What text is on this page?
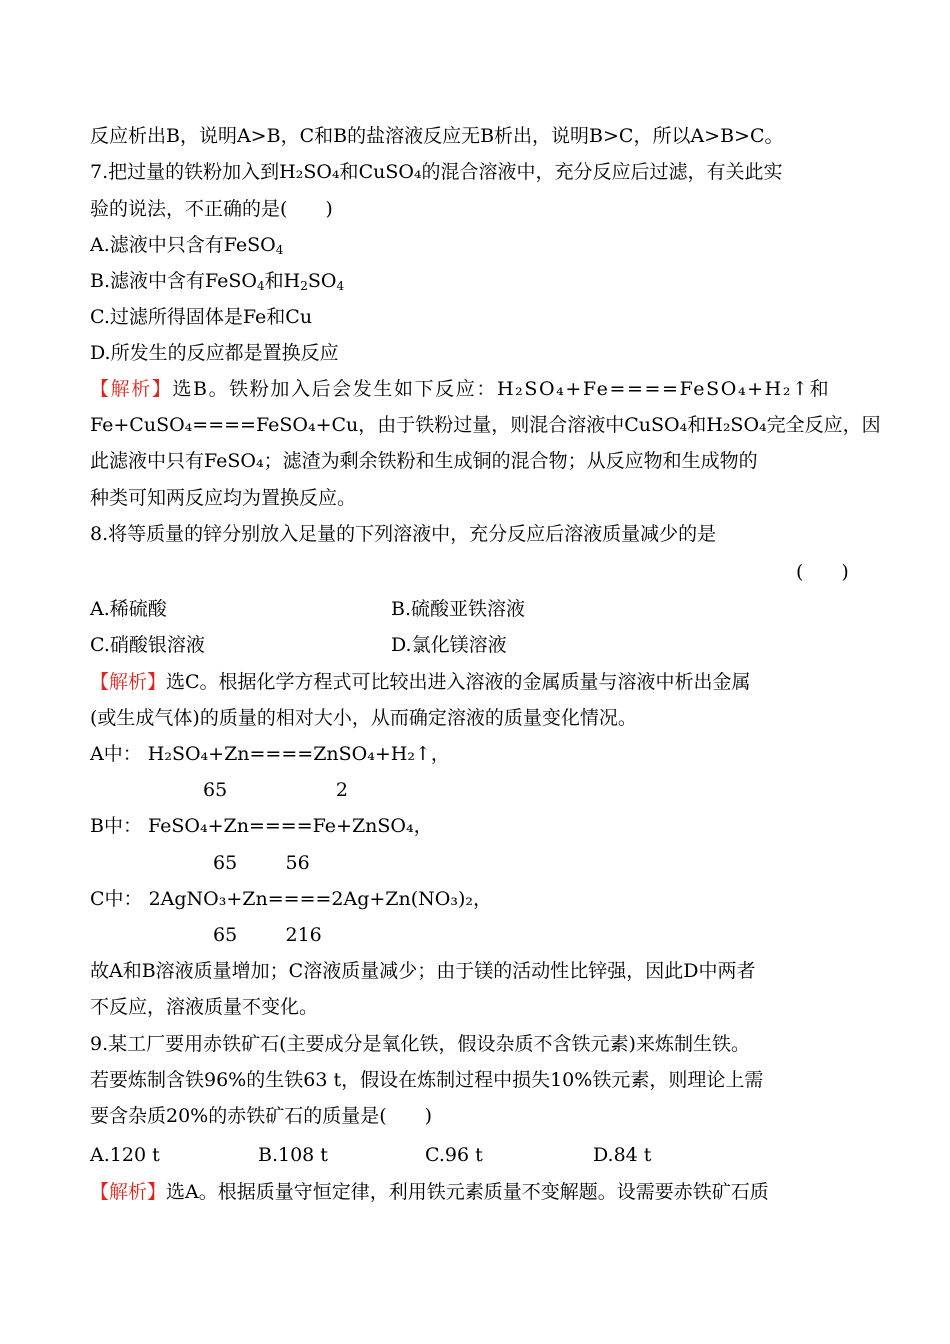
反应析出B，说明A>B，C和B的盐溶液反应无B析出，说明B>C，所以A>B>C。
7.把过量的铁粉加入到H₂SO₄和CuSO₄的混合溶液中，充分反应后过滤，有关此实
验的说法，不正确的是(　　)
A.滤液中只含有FeSO$_4$
B.滤液中含有FeSO$_4$和$H_2SO_4$
C.过滤所得固体是Fe和Cu
D.所发生的反应都是置换反应
【解析】选B。铁粉加入后会发生如下反应：H₂SO₄+Fe====FeSO₄+H₂↑和
Fe+CuSO₄====FeSO₄+Cu，由于铁粉过量，则混合溶液中CuSO₄和H₂SO₄完全反应，因
此滤液中只有FeSO₄；滤渣为剩余铁粉和生成铜的混合物；从反应物和生成物的
种类可知两反应均为置换反应。
8.将等质量的锌分别放入足量的下列溶液中，充分反应后溶液质量减少的是
(　　)
A.稀硫酸	B.硫酸亚铁溶液
C.硝酸银溶液	D.氯化镁溶液
【解析】选C。根据化学方程式可比较出进入溶液的金属质量与溶液中析出金属
(或生成气体)的质量的相对大小，从而确定溶液的质量变化情况。
A中： H₂SO₄+Zn====ZnSO₄+H₂↑，
65                  2
B中： FeSO₄+Zn====Fe+ZnSO₄，
65        56
C中： 2AgNO₃+Zn====2Ag+Zn(NO₃)₂，
65        216
故A和B溶液质量增加；C溶液质量减少；由于镁的活动性比锌强，因此D中两者
不反应，溶液质量不变化。
9.某工厂要用赤铁矿石(主要成分是氧化铁，假设杂质不含铁元素)来炼制生铁。
若要炼制含铁96%的生铁63 t，假设在炼制过程中损失10%铁元素，则理论上需
要含杂质20%的赤铁矿石的质量是(　　)
A.120 t	B.108 t	C.96 t	D.84 t
【解析】选A。根据质量守恒定律，利用铁元素质量不变解题。设需要赤铁矿石质
